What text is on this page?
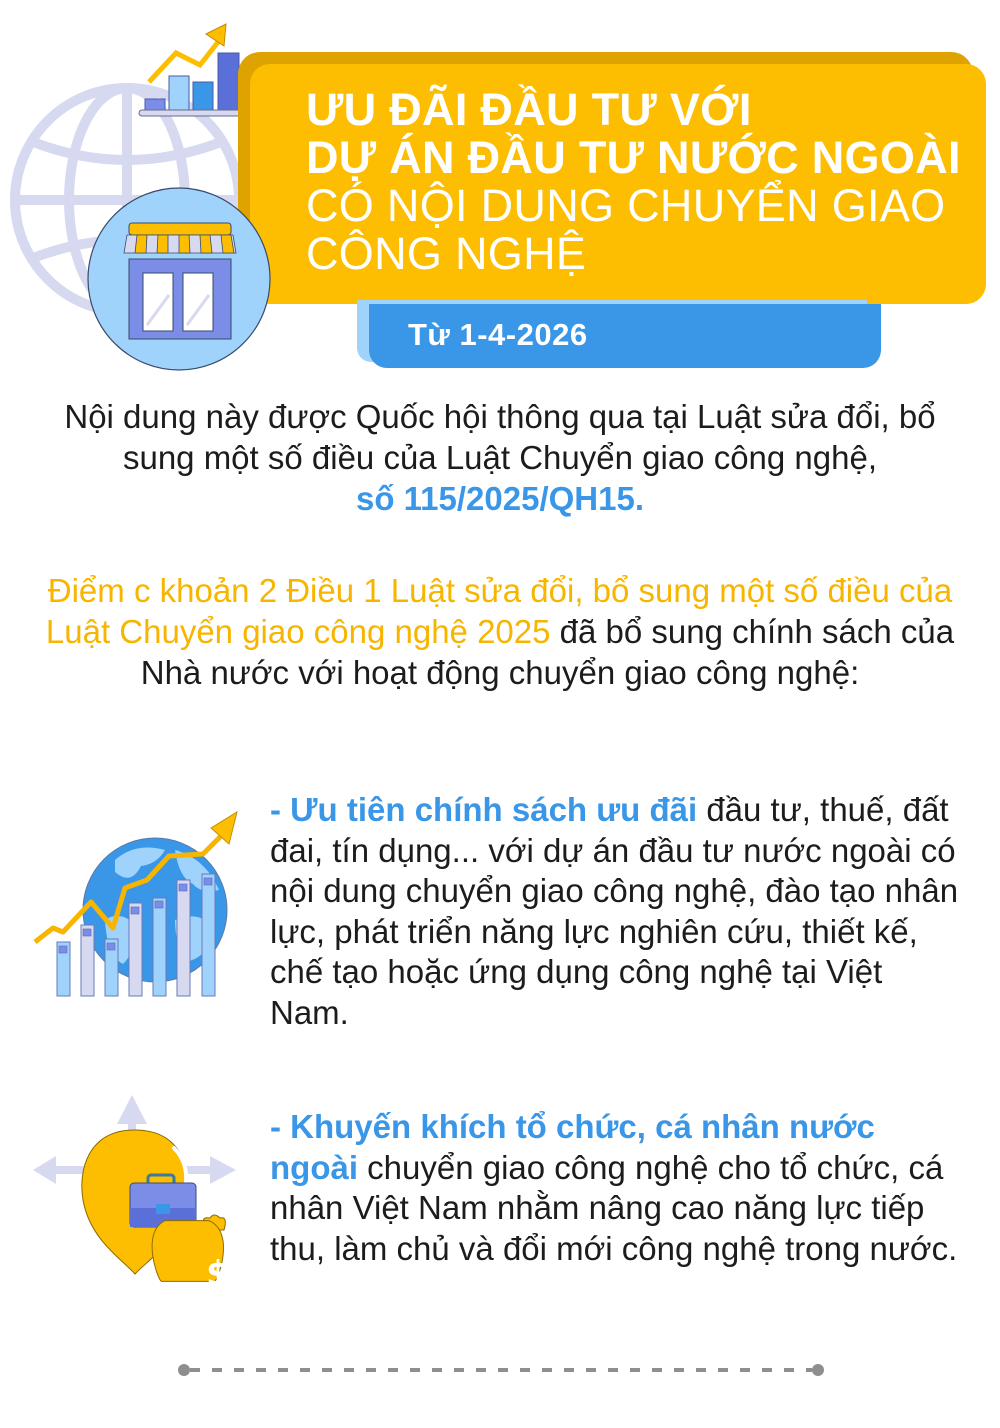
ƯU ĐÃI ĐẦU TƯ VỚI
DỰ ÁN ĐẦU TƯ NƯỚC NGOÀI
CÓ NỘI DUNG CHUYỂN GIAO
CÔNG NGHỆ
Từ 1-4-2026
Nội dung này được Quốc hội thông qua tại Luật sửa đổi, bổ sung một số điều của Luật Chuyển giao công nghệ,
số 115/2025/QH15.
Điểm c khoản 2 Điều 1 Luật sửa đổi, bổ sung một số điều của Luật Chuyển giao công nghệ 2025 đã bổ sung chính sách của Nhà nước với hoạt động chuyển giao công nghệ:
- Ưu tiên chính sách ưu đãi đầu tư, thuế, đất đai, tín dụng... với dự án đầu tư nước ngoài có nội dung chuyển giao công nghệ, đào tạo nhân lực, phát triển năng lực nghiên cứu, thiết kế, chế tạo hoặc ứng dụng công nghệ tại Việt Nam.
$
- Khuyến khích tổ chức, cá nhân nước ngoài chuyển giao công nghệ cho tổ chức, cá nhân Việt Nam nhằm nâng cao năng lực tiếp thu, làm chủ và đổi mới công nghệ trong nước.
